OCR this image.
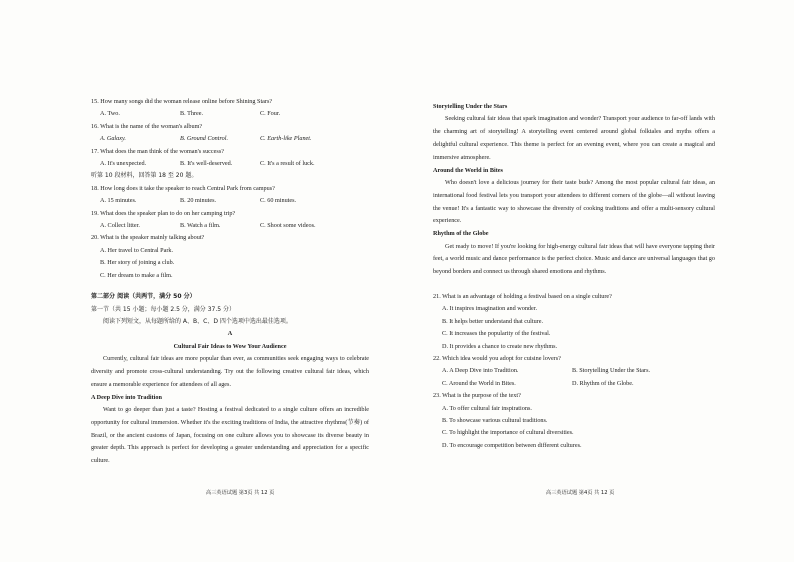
15. How many songs did the woman release online before Shining Stars?
A. Two.	B. Three.	C. Four.
16. What is the name of the woman's album?
A. Galaxy.	B. Ground Control.	C. Earth-like Planet.
17. What does the man think of the woman's success?
A. It's unexpected.	B. It's well-deserved.	C. It's a result of luck.
听第 10 段材料，回答第 18 至 20 题。
18. How long does it take the speaker to reach Central Park from campus?
A. 15 minutes.	B. 20 minutes.	C. 60 minutes.
19. What does the speaker plan to do on her camping trip?
A. Collect litter.	B. Watch a film.	C. Shoot some videos.
20. What is the speaker mainly talking about?
A. Her travel to Central Park.
B. Her story of joining a club.
C. Her dream to make a film.
第二部分 阅读（共两节，满分 50 分）
第一节（共 15 小题；每小题 2.5 分，满分 37.5 分）
阅读下列短文，从每题所给的 A、B、C、D 四个选项中选出最佳选项。
A
Cultural Fair Ideas to Wow Your Audience
Currently, cultural fair ideas are more popular than ever, as communities seek engaging ways to celebrate diversity and promote cross-cultural understanding. Try out the following creative cultural fair ideas, which ensure a memorable experience for attendees of all ages.
A Deep Dive into Tradition
Want to go deeper than just a taste? Hosting a festival dedicated to a single culture offers an incredible opportunity for cultural immersion. Whether it's the exciting traditions of India, the attractive rhythms(节奏) of Brazil, or the ancient customs of Japan, focusing on one culture allows you to showcase its diverse beauty in greater depth. This approach is perfect for developing a greater understanding and appreciation for a specific culture.
高三英语试题 第3页 共 12 页
Storytelling Under the Stars
Seeking cultural fair ideas that spark imagination and wonder? Transport your audience to far-off lands with the charming art of storytelling! A storytelling event centered around global folktales and myths offers a delightful cultural experience. This theme is perfect for an evening event, where you can create a magical and immersive atmosphere.
Around the World in Bites
Who doesn't love a delicious journey for their taste buds? Among the most popular cultural fair ideas, an international food festival lets you transport your attendees to different corners of the globe—all without leaving the venue! It's a fantastic way to showcase the diversity of cooking traditions and offer a multi-sensory cultural experience.
Rhythm of the Globe
Get ready to move! If you're looking for high-energy cultural fair ideas that will have everyone tapping their feet, a world music and dance performance is the perfect choice. Music and dance are universal languages that go beyond borders and connect us through shared emotions and rhythms.
21. What is an advantage of holding a festival based on a single culture?
A. It inspires imagination and wonder.
B. It helps better understand that culture.
C. It increases the popularity of the festival.
D. It provides a chance to create new rhythms.
22. Which idea would you adopt for cuisine lovers?
A. A Deep Dive into Tradition.	B. Storytelling Under the Stars.
C. Around the World in Bites.	D. Rhythm of the Globe.
23. What is the purpose of the text?
A. To offer cultural fair inspirations.
B. To showcase various cultural traditions.
C. To highlight the importance of cultural diversities.
D. To encourage competition between different cultures.
高三英语试题 第4页 共 12 页
